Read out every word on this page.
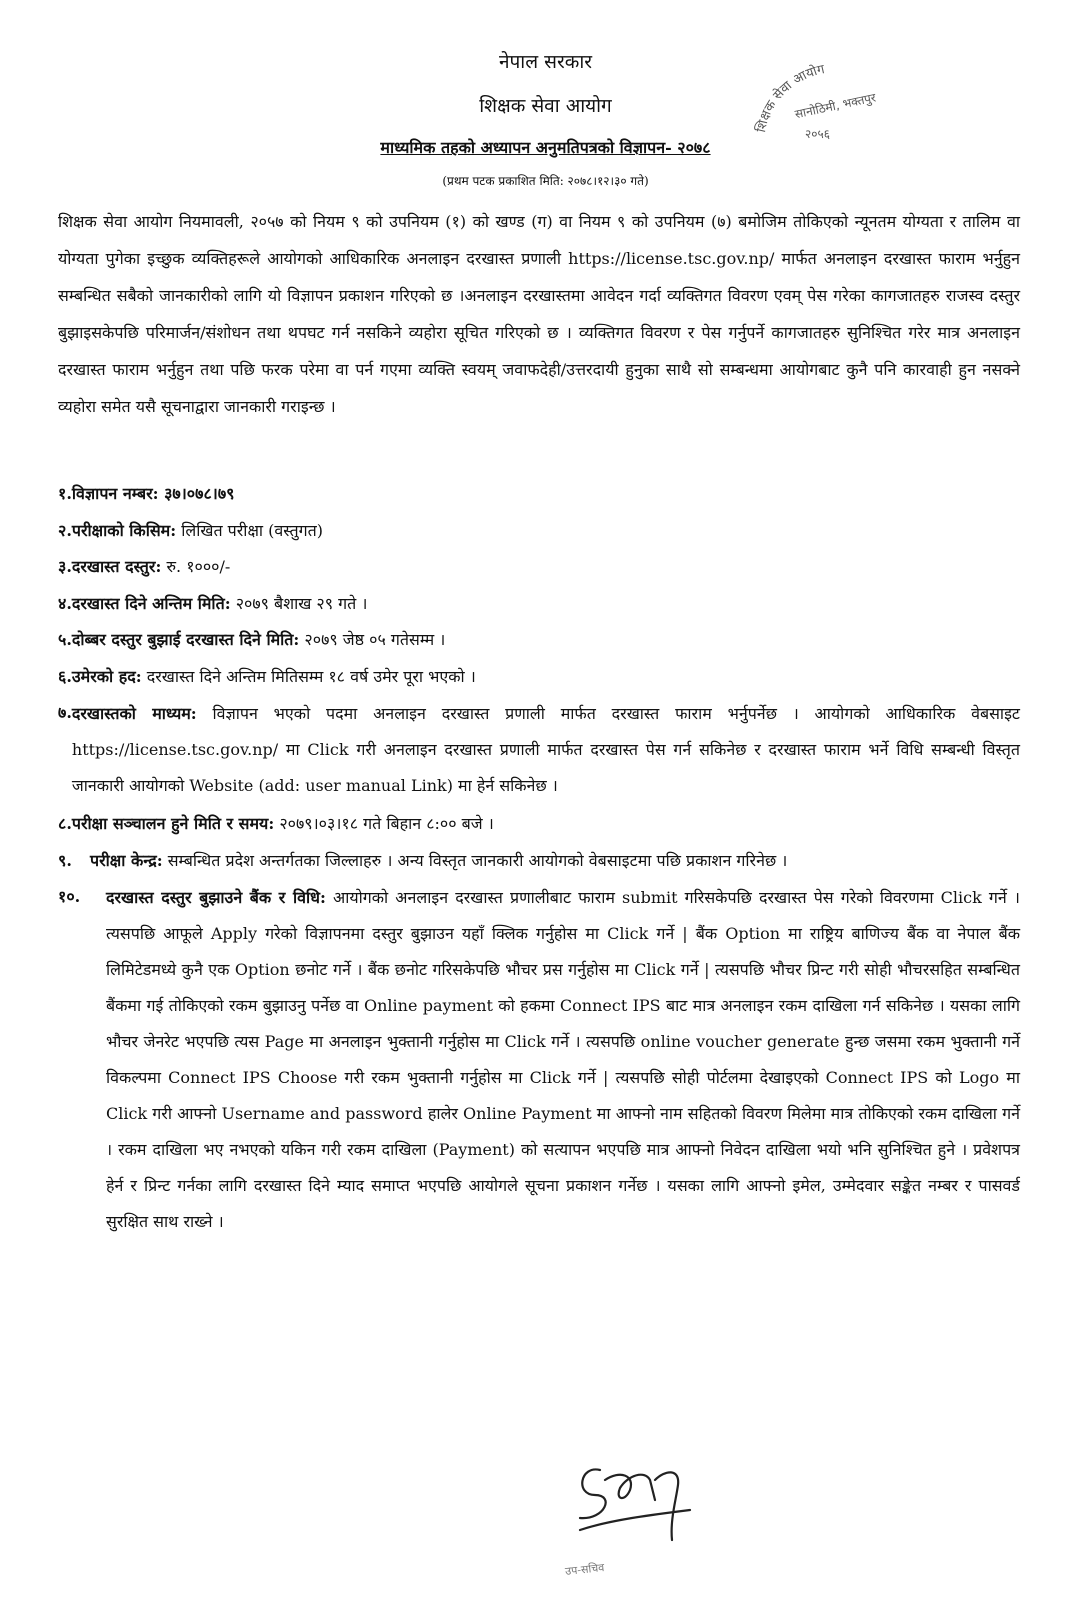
नेपाल सरकार
शिक्षक सेवा आयोग
माध्यमिक तहको अध्यापन अनुमतिपत्रको विज्ञापन- २०७८
(प्रथम पटक प्रकाशित मिति: २०७८।१२।३० गते)
शिक्षक सेवा आयोग
सानोठिमी, भक्तपुर
२०५६

शिक्षक सेवा आयोग नियमावली, २०५७ को नियम ९ को उपनियम (१) को खण्ड (ग) वा नियम ९ को उपनियम (७) बमोजिम तोकिएको न्यूनतम योग्यता र तालिम वा योग्यता पुगेका इच्छुक व्यक्तिहरूले आयोगको आधिकारिक अनलाइन दरखास्त प्रणाली https://license.tsc.gov.np/ मार्फत अनलाइन दरखास्त फाराम भर्नुहुन सम्बन्धित सबैको जानकारीको लागि यो विज्ञापन प्रकाशन गरिएको छ ।अनलाइन दरखास्तमा आवेदन गर्दा व्यक्तिगत विवरण एवम् पेस गरेका कागजातहरु राजस्व दस्तुर बुझाइसकेपछि परिमार्जन/संशोधन तथा थपघट गर्न नसकिने व्यहोरा सूचित गरिएको छ । व्यक्तिगत विवरण र पेस गर्नुपर्ने कागजातहरु सुनिश्चित गरेर मात्र अनलाइन दरखास्त फाराम भर्नुहुन तथा पछि फरक परेमा वा पर्न गएमा व्यक्ति स्वयम् जवाफदेही/उत्तरदायी हुनुका साथै सो सम्बन्धमा आयोगबाट कुनै पनि कारवाही हुन नसक्ने व्यहोरा समेत यसै सूचनाद्वारा जानकारी गराइन्छ ।

१. विज्ञापन नम्बर: ३७।०७८।७९
२. परीक्षाको किसिम: लिखित परीक्षा (वस्तुगत)
३. दरखास्त दस्तुर: रु. १०००/-
४. दरखास्त दिने अन्तिम मिति: २०७९ बैशाख २९ गते ।
५. दोब्बर दस्तुर बुझाई दरखास्त दिने मिति: २०७९ जेष्ठ ०५ गतेसम्म ।
६. उमेरको हद: दरखास्त दिने अन्तिम मितिसम्म १८ वर्ष उमेर पूरा भएको ।
७. दरखास्तको माध्यम: विज्ञापन भएको पदमा अनलाइन दरखास्त प्रणाली मार्फत दरखास्त फाराम भर्नुपर्नेछ । आयोगको आधिकारिक वेबसाइट https://license.tsc.gov.np/ मा Click गरी अनलाइन दरखास्त प्रणाली मार्फत दरखास्त पेस गर्न सकिनेछ र दरखास्त फाराम भर्ने विधि सम्बन्धी विस्तृत जानकारी आयोगको Website (add: user manual Link) मा हेर्न सकिनेछ ।
८. परीक्षा सञ्चालन हुने मिति र समय: २०७९।०३।१८ गते बिहान ८:०० बजे ।
९.	परीक्षा केन्द्र: सम्बन्धित प्रदेश अन्तर्गतका जिल्लाहरु । अन्य विस्तृत जानकारी आयोगको वेबसाइटमा पछि प्रकाशन गरिनेछ ।
१०.	दरखास्त दस्तुर बुझाउने बैंक र विधि: आयोगको अनलाइन दरखास्त प्रणालीबाट फाराम submit गरिसकेपछि दरखास्त पेस गरेको विवरणमा Click गर्ने । त्यसपछि आफूले Apply गरेको विज्ञापनमा दस्तुर बुझाउन यहाँ क्लिक गर्नुहोस मा Click गर्ने | बैंक Option मा राष्ट्रिय बाणिज्य बैंक वा नेपाल बैंक लिमिटेडमध्ये कुनै एक Option छनोट गर्ने । बैंक छनोट गरिसकेपछि भौचर प्रस गर्नुहोस मा Click गर्ने | त्यसपछि भौचर प्रिन्ट गरी सोही भौचरसहित सम्बन्धित बैंकमा गई तोकिएको रकम बुझाउनु पर्नेछ वा Online payment को हकमा Connect IPS बाट मात्र अनलाइन रकम दाखिला गर्न सकिनेछ । यसका लागि भौचर जेनरेट भएपछि त्यस Page मा अनलाइन भुक्तानी गर्नुहोस मा Click गर्ने । त्यसपछि online voucher generate हुन्छ जसमा रकम भुक्तानी गर्ने विकल्पमा Connect IPS Choose गरी रकम भुक्तानी गर्नुहोस मा Click गर्ने | त्यसपछि सोही पोर्टलमा देखाइएको Connect IPS को Logo मा Click गरी आफ्नो Username and password हालेर Online Payment मा आफ्नो नाम सहितको विवरण मिलेमा मात्र तोकिएको रकम दाखिला गर्ने । रकम दाखिला भए नभएको यकिन गरी रकम दाखिला (Payment) को सत्यापन भएपछि मात्र आफ्नो निवेदन दाखिला भयो भनि सुनिश्चित हुने । प्रवेशपत्र हेर्न र प्रिन्ट गर्नका लागि दरखास्त दिने म्याद समाप्त भएपछि आयोगले सूचना प्रकाशन गर्नेछ । यसका लागि आफ्नो इमेल, उम्मेदवार सङ्केत नम्बर र पासवर्ड सुरक्षित साथ राख्ने ।
उप-सचिव
